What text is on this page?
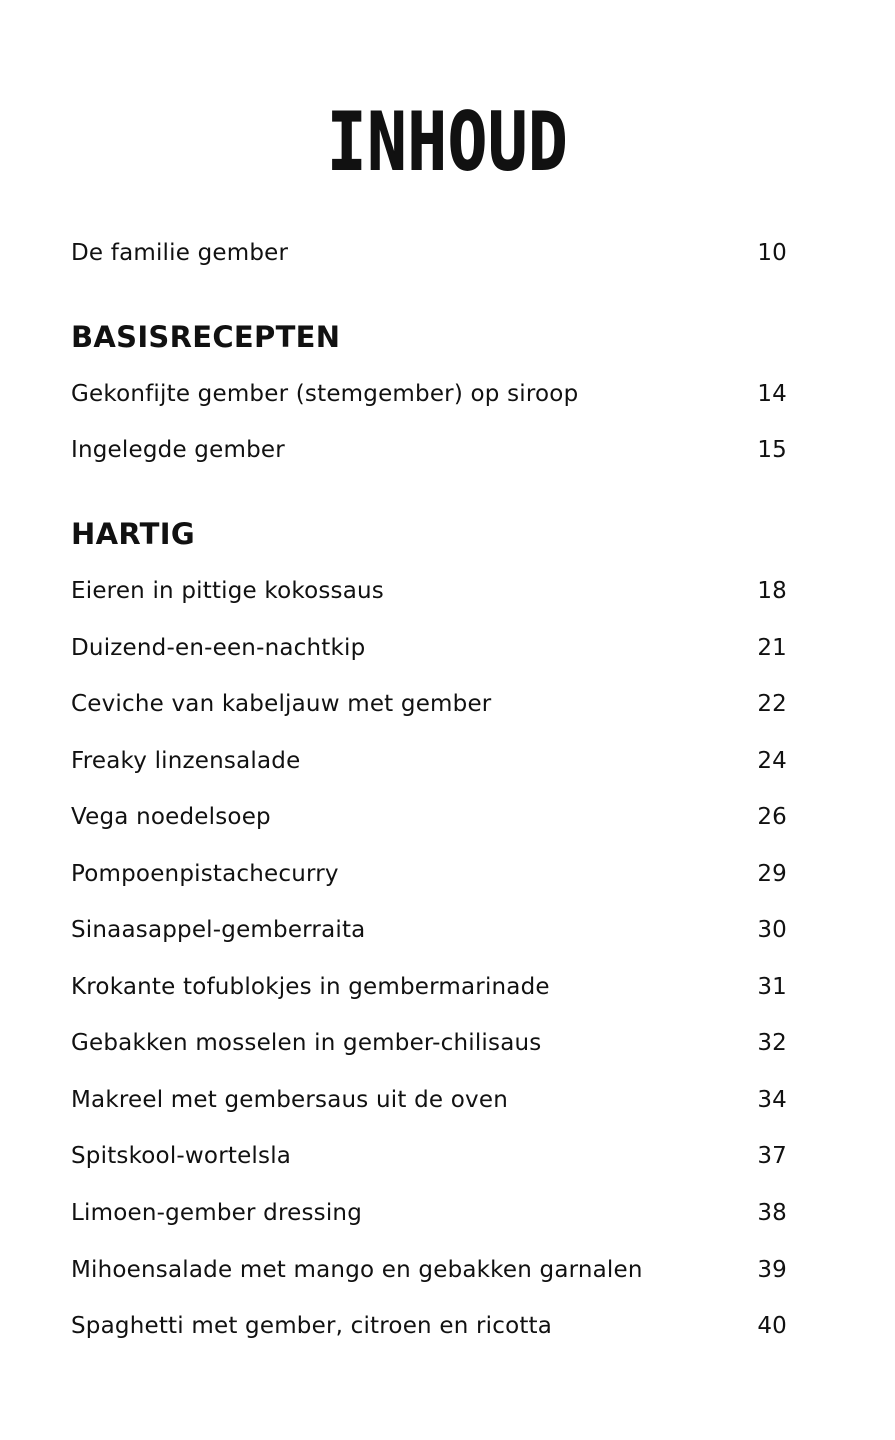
INHOUD
De familie gember	10
BASISRECEPTEN
Gekonfijte gember (stemgember) op siroop	14
Ingelegde gember	15
HARTIG
Eieren in pittige kokossaus	18
Duizend-en-een-nachtkip	21
Ceviche van kabeljauw met gember	22
Freaky linzensalade	24
Vega noedelsoep	26
Pompoenpistachecurry	29
Sinaasappel-gemberraita	30
Krokante tofublokjes in gembermarinade	31
Gebakken mosselen in gember-chilisaus	32
Makreel met gembersaus uit de oven	34
Spitskool-wortelsla	37
Limoen-gember dressing	38
Mihoensalade met mango en gebakken garnalen	39
Spaghetti met gember, citroen en ricotta	40
